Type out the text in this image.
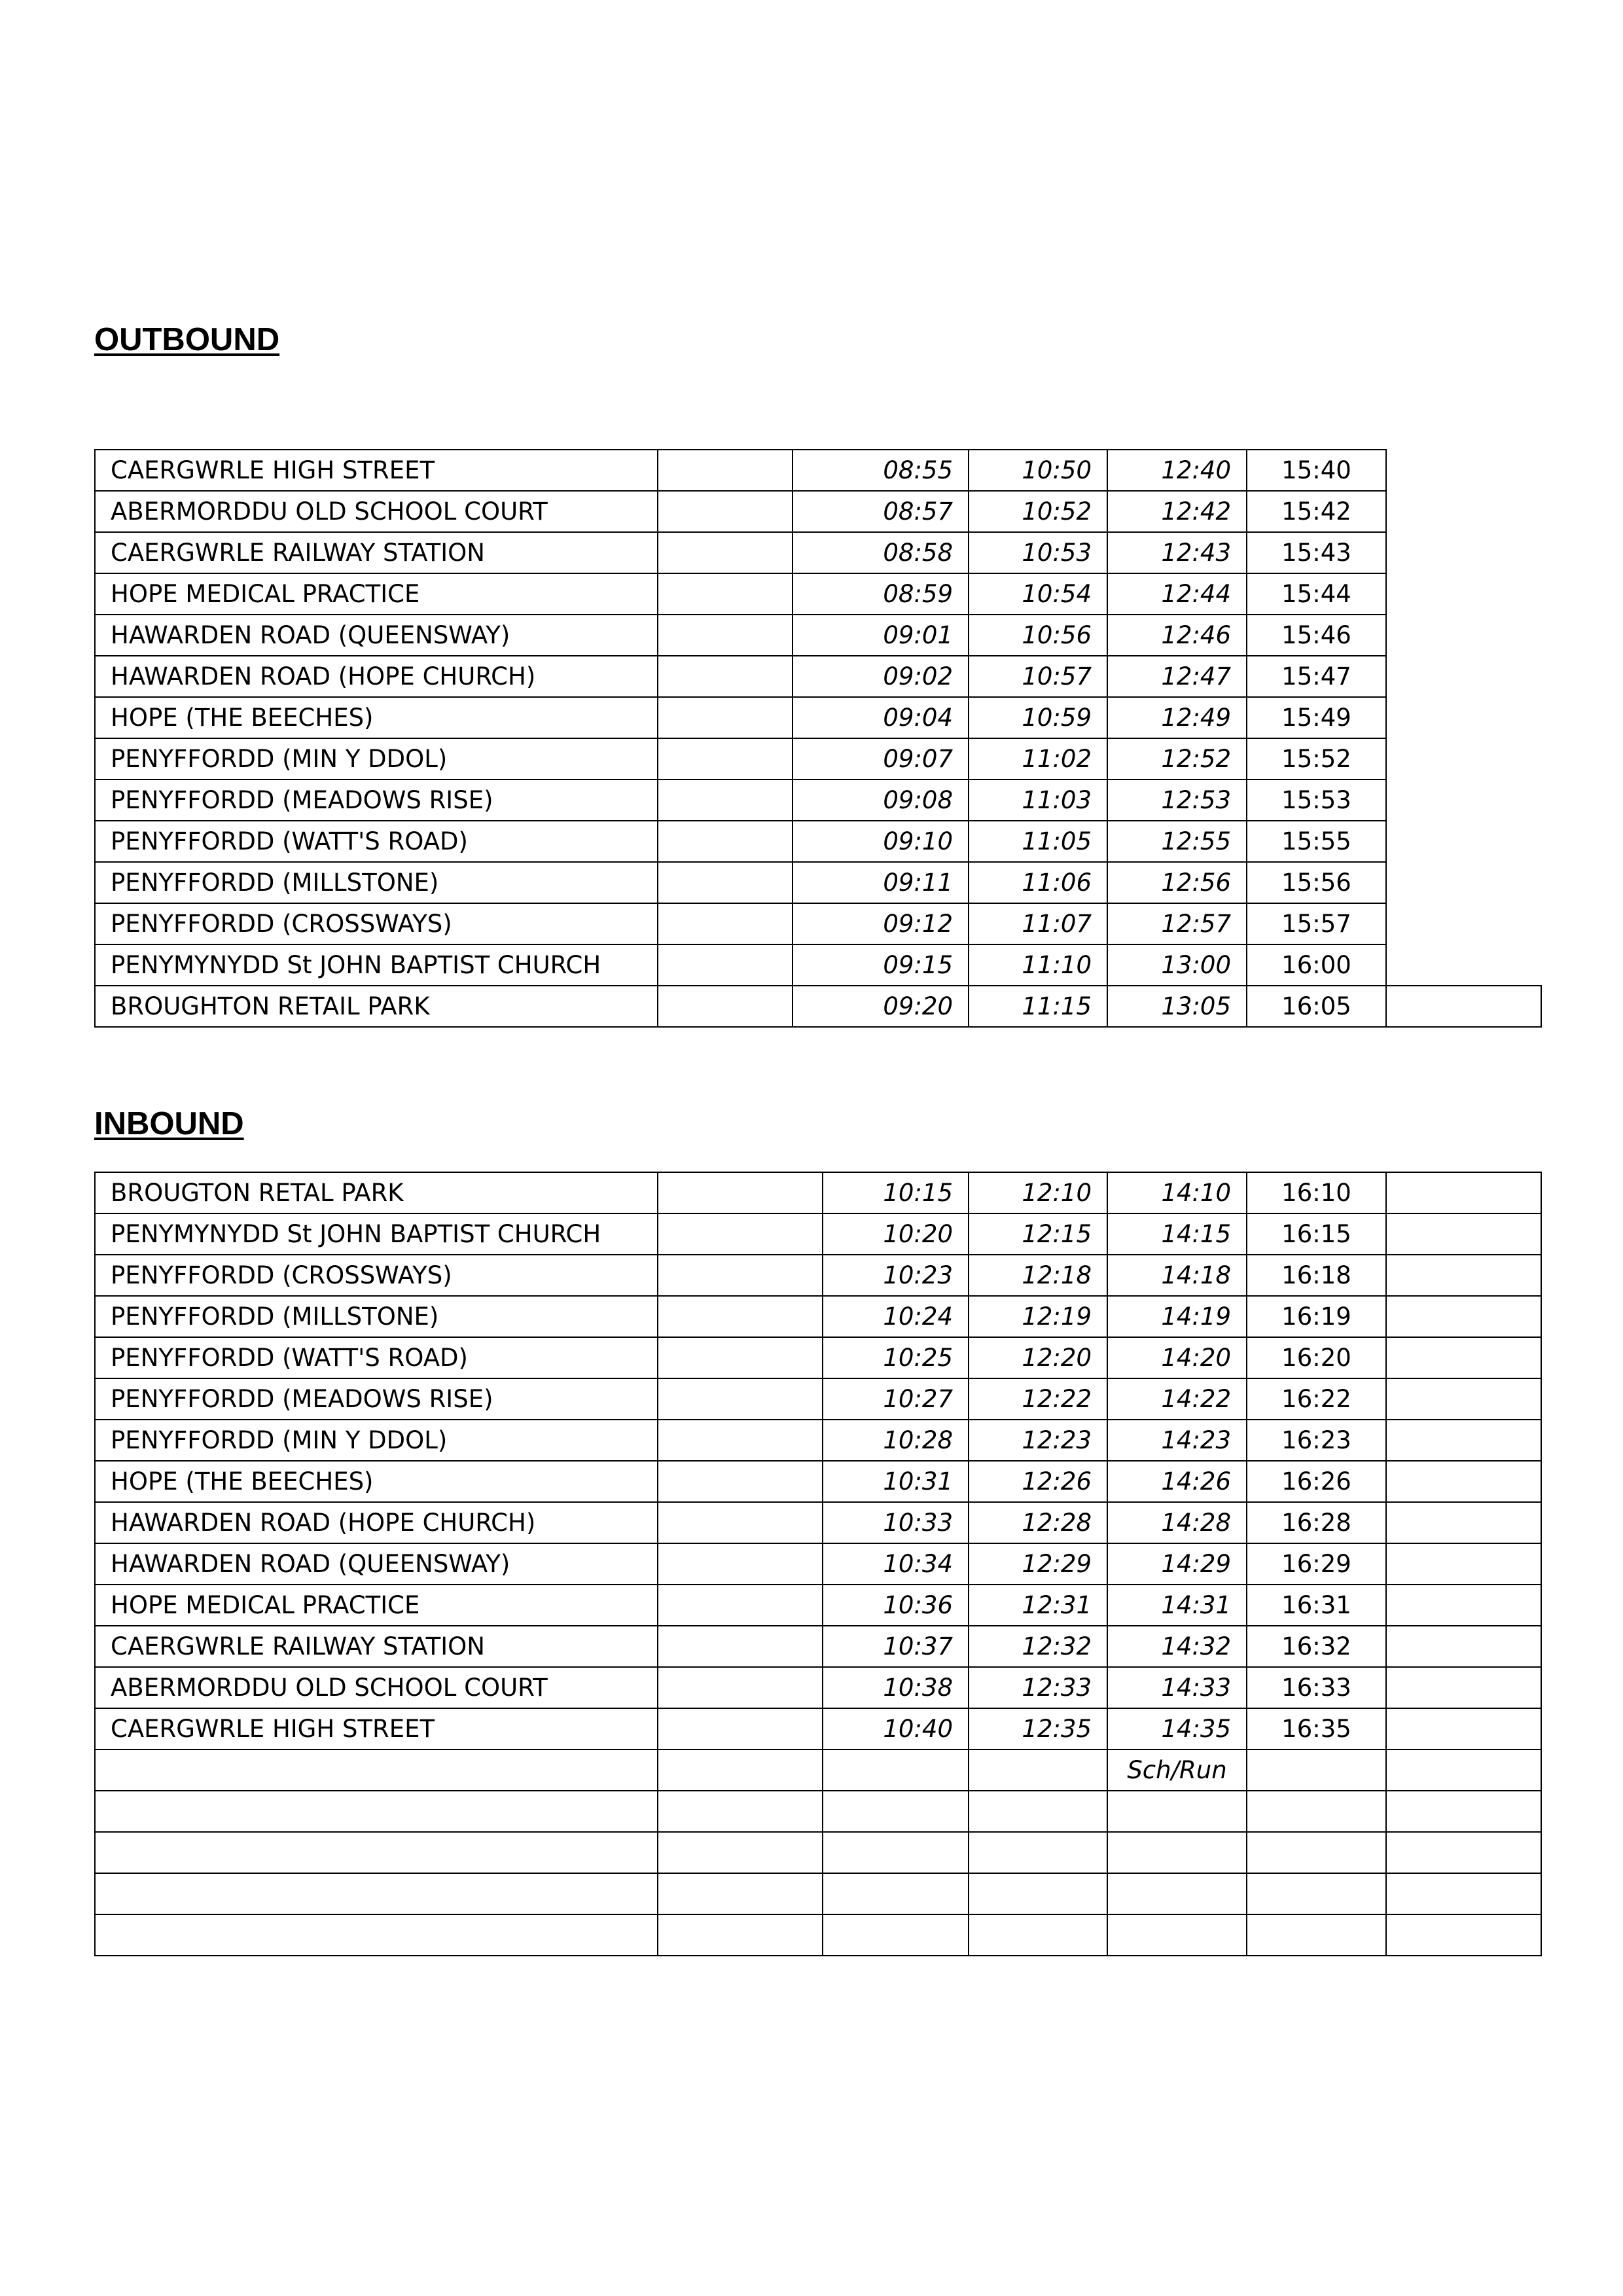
OUTBOUND
CAERGWRLE HIGH STREET		08:55	10:50	12:40	15:40	
ABERMORDDU OLD SCHOOL COURT		08:57	10:52	12:42	15:42	
CAERGWRLE RAILWAY STATION		08:58	10:53	12:43	15:43	
HOPE MEDICAL PRACTICE		08:59	10:54	12:44	15:44	
HAWARDEN ROAD (QUEENSWAY)		09:01	10:56	12:46	15:46	
HAWARDEN ROAD (HOPE CHURCH)		09:02	10:57	12:47	15:47	
HOPE (THE BEECHES)		09:04	10:59	12:49	15:49	
PENYFFORDD (MIN Y DDOL)		09:07	11:02	12:52	15:52	
PENYFFORDD (MEADOWS RISE)		09:08	11:03	12:53	15:53	
PENYFFORDD (WATT'S ROAD)		09:10	11:05	12:55	15:55	
PENYFFORDD (MILLSTONE)		09:11	11:06	12:56	15:56	
PENYFFORDD (CROSSWAYS)		09:12	11:07	12:57	15:57	
PENYMYNYDD St JOHN BAPTIST CHURCH		09:15	11:10	13:00	16:00	
BROUGHTON RETAIL PARK		09:20	11:15	13:05	16:05	
INBOUND
BROUGTON RETAL PARK		10:15	12:10	14:10	16:10	
PENYMYNYDD St JOHN BAPTIST CHURCH		10:20	12:15	14:15	16:15	
PENYFFORDD (CROSSWAYS)		10:23	12:18	14:18	16:18	
PENYFFORDD (MILLSTONE)		10:24	12:19	14:19	16:19	
PENYFFORDD (WATT'S ROAD)		10:25	12:20	14:20	16:20	
PENYFFORDD (MEADOWS RISE)		10:27	12:22	14:22	16:22	
PENYFFORDD (MIN Y DDOL)		10:28	12:23	14:23	16:23	
HOPE (THE BEECHES)		10:31	12:26	14:26	16:26	
HAWARDEN ROAD (HOPE CHURCH)		10:33	12:28	14:28	16:28	
HAWARDEN ROAD (QUEENSWAY)		10:34	12:29	14:29	16:29	
HOPE MEDICAL PRACTICE		10:36	12:31	14:31	16:31	
CAERGWRLE RAILWAY STATION		10:37	12:32	14:32	16:32	
ABERMORDDU OLD SCHOOL COURT		10:38	12:33	14:33	16:33	
CAERGWRLE HIGH STREET		10:40	12:35	14:35	16:35	
				Sch/Run		
